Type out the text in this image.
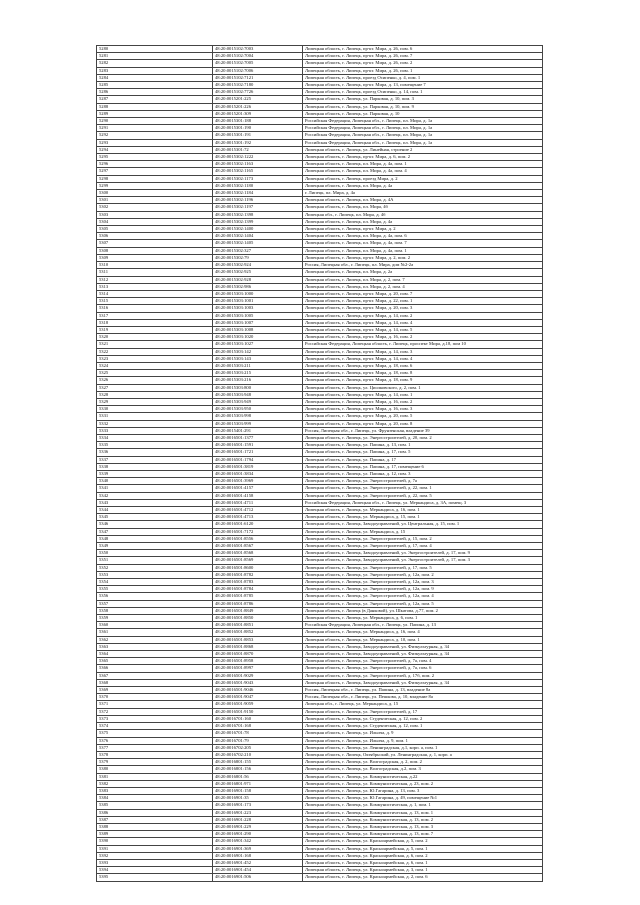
5280	48:20:0015102:7003	Липецкая область, г. Липецк, пр-кт. Мира, д. 26, пом. 6
5281	48:20:0015102:7004	Липецкая область, г. Липецк, пр-кт. Мира, д. 26, пом. 7
5282	48:20:0015102:7005	Липецкая область, г. Липецк, пр-кт. Мира, д. 26, пом. 2
5283	48:20:0015102:7006	Липецкая область, г. Липецк, пр-кт. Мира, д. 26, пом. 1
5284	48:20:0015102:7121	Липецкая область, г. Липецк, проезд Осипенко, д. 4, пом. 1
5285	48:20:0015102:7180	Липецкая область, г. Липецк, пр-кт. Мира, д. 13, помещение 7
5286	48:20:0015102:7726	Липецкая область, г. Липецк, проезд Осипенко, д. 14, пом. 1
5287	48:20:0015201:225	Липецкая область, г. Липецк, ул. Парковая, д. 10, пом. 3
5288	48:20:0015201:226	Липецкая область, г. Липецк, ул. Парковая, д. 10, пом. 9
5289	48:20:0015201:309	Липецкая область, г. Липецк, ул. Парковая, д. 10
5290	48:20:0015301:188	Российская Федерация, Липецкая обл., г. Липецк, пл. Мира, д. 1а
5291	48:20:0015301:190	Российская Федерация, Липецкая обл., г. Липецк, пл. Мира, д. 1а
5292	48:20:0015301:191	Российская Федерация, Липецкая обл., г. Липецк, пл. Мира, д. 1а
5293	48:20:0015301:192	Российская Федерация, Липецкая обл., г. Липецк, пл. Мира, д. 1а
5294	48:20:0015301:72	Липецкая область, г. Липецк, ул. Линейная, строение 2
5295	48:20:0015302:1222	Липецкая область, г. Липецк, пр-кт. Мира, д. 6, пом. 2
5296	48:20:0015302:1163	Липецкая область, г. Липецк, пл. Мира, д. 4а, пом. 1
5297	48:20:0015302:1165	Липецкая область, г. Липецк, пл. Мира, д. 4а, пом. 4
5298	48:20:0015302:1173	Липецкая область, г. Липецк, проезд Мира, д. 2
5299	48:20:0015302:1180	Липецкая область, г. Липецк, пл. Мира, д. 4а
5300	48:20:0015302:1184	г. Липецк, пл. Мира, д. 4а
5301	48:20:0015302:1196	Липецкая область, г. Липецк, пл. Мира, д. 4А
5302	48:20:0015302:1197	Липецкая область, г. Липецк, пл. Мира, 4б
5303	48:20:0015302:1398	Липецкая обл., г. Липецк, пл. Мира, д. 4б
5304	48:20:0015302:1399	Липецкая область, г. Липецк, пл. Мира, д. 4а
5305	48:20:0015302:1400	Липецкая область, г. Липецк, пр-кт. Мира, д. 2
5306	48:20:0015302:1404	Липецкая область, г. Липецк, пл. Мира, д. 4а, пом. 6
5307	48:20:0015302:1405	Липецкая область, г. Липецк, пл. Мира, д. 4а, пом. 7
5308	48:20:0015302:327	Липецкая область, г. Липецк, пл. Мира, д. 4а, пом. 1
5309	48:20:0015302:79	Липецкая область, г. Липецк, пр-кт. Мира, д. 2, пом. 2
5310	48:20:0015302:924	Россия, Липецкая обл., г. Липецк, пл. Мира, дом №2-2а
5311	48:20:0015302:925	Липецкая область, г. Липецк, пл. Мира, д. 2а
5312	48:20:0015302:928	Липецкая область, г. Липецк, пл. Мира, д. 2, пом. 7
5313	48:20:0015302:986	Липецкая область, г. Липецк, пл. Мира, д. 2, пом. 4
5314	48:20:0015303:1000	Липецкая область, г. Липецк, пр-кт. Мира, д. 20, пом. 7
5315	48:20:0015303:1001	Липецкая область, г. Липецк, пр-кт. Мира, д. 22, пом. 1
5316	48:20:0015303:1003	Липецкая область, г. Липецк, пр-кт. Мира, д. 20, пом. 3
5317	48:20:0015303:1005	Липецкая область, г. Липецк, пр-кт. Мира, д. 14, пом. 2
5318	48:20:0015303:1007	Липецкая область, г. Липецк, пр-кт. Мира, д. 14, пом. 4
5319	48:20:0015303:1008	Липецкая область, г. Липецк, пр-кт. Мира, д. 14, пом. 5
5320	48:20:0015303:1020	Липецкая область, г. Липецк, пр-кт. Мира, д. 16, пом. 2
5321	48:20:0015303:1027	Российская Федерация, Липецкая область, г. Липецк, проспект Мира, д.18, пом 10
5322	48:20:0015303:142	Липецкая область, г. Липецк, пр-кт. Мира, д. 14, пом. 3
5323	48:20:0015303:143	Липецкая область, г. Липецк, пр-кт. Мира, д. 14, пом. 4
5324	48:20:0015303:211	Липецкая область, г. Липецк, пр-кт. Мира, д. 18, пом. 6
5325	48:20:0015303:215	Липецкая область, г. Липецк, пр-кт. Мира, д. 18, пом. 8
5326	48:20:0015303:216	Липецкая область, г. Липецк, пр-кт. Мира, д. 18, пом. 9
5327	48:20:0015303:800	Липецкая область, г. Липецк, ул. Циолковского, д. 2, пом. 1
5328	48:20:0015303:948	Липецкая область, г. Липецк, пр-кт. Мира, д. 14, пом. 1
5329	48:20:0015303:949	Липецкая область, г. Липецк, пр-кт. Мира, д. 16, пом. 2
5330	48:20:0015303:950	Липецкая область, г. Липецк, пр-кт. Мира, д. 16, пом. 3
5331	48:20:0015303:998	Липецкая область, г. Липецк, пр-кт. Мира, д. 20, пом. 5
5332	48:20:0015303:999	Липецкая область, г. Липецк, пр-кт. Мира, д. 20, пом. 8
5333	48:20:0015401:291	Россия, Липецкая обл., г. Липецк, ул. Фрунзенская, владение 39
5334	48:20:0016501:1377	Липецкая область, г. Липецк, ул. Энергостроителей, д. 20, пом. 2
5335	48:20:0016501:1591	Липецкая область, г. Липецк, ул. Папина, д. 13, пом. 1
5336	48:20:0016501:1721	Липецкая область, г. Липецк, ул. Папина, д. 17, пом. 5
5337	48:20:0016501:1794	Липецкая область, г. Липецк, ул. Папина, д. 17
5338	48:20:0016501:3819	Липецкая область, г. Липецк, ул. Папина, д. 17, помещение 6
5339	48:20:0016501:3834	Липецкая область, г. Липецк, ул. Папина, д. 12, пом. 3
5340	48:20:0016501:3969	Липецкая область, г. Липецк, ул. Энергостроителей, д. 7а
5341	48:20:0016501:4157	Липецкая область, г. Липецк, ул. Энергостроителей, д. 22, пом. 1
5342	48:20:0016501:4158	Липецкая область, г. Липецк, ул. Энергостроителей, д. 22, пом. 5
5343	48:20:0016501:4711	Российская Федерация, Липецкая обл., г. Липецк, ул. Меркандиса, д. 3А, помещ. 3
5344	48:20:0016501:4712	Липецкая область, г. Липецк, ул. Меркандиса, д. 16, пом. 1
5345	48:20:0016501:4713	Липецкая область, г. Липецк, ул. Меркандиса, д. 15, пом. 1
5346	48:20:0016501:6120	Липецкая область, г. Липецк, Заводоуправлений, ул. Центральная, д. 15, пом. 1
5347	48:20:0016501:7172	Липецкая область, г. Липецк, ул. Меркандиса, д. 15
5348	48:20:0016501:8556	Липецкая область, г. Липецк, ул. Энергостроителей, д. 15, пом. 2
5349	48:20:0016501:8567	Липецкая область, г. Липецк, ул. Энергостроителей, д. 17, пом. 4
5350	48:20:0016501:8568	Липецкая область, г. Липецк, Заводоуправлений, ул. Энергостроителей, д. 17, пом. 9
5351	48:20:0016501:8569	Липецкая область, г. Липецк, Заводоуправлений, ул. Энергостроителей, д. 17, пом. 3
5352	48:20:0016501:8600	Липецкая область, г. Липецк, ул. Энергостроителей, д. 17, пом. 5
5353	48:20:0016501:8782	Липецкая область, г. Липецк, ул. Энергостроителей, д. 12а, пом. 2
5354	48:20:0016501:8783	Липецкая область, г. Липецк, ул. Энергостроителей, д. 12а, пом. 3
5355	48:20:0016501:8784	Липецкая область, г. Липецк, ул. Энергостроителей, д. 12а, пом. 9
5356	48:20:0016501:8785	Липецкая область, г. Липецк, ул. Энергостроителей, д. 12а, пом. 4
5357	48:20:0016501:8786	Липецкая область, г. Липецк, ул. Энергостроителей, д. 12а, пом. 5
5358	48:20:0016501:8849	Липецкая область, г. Липецк (в Данковой), ул. Шкатова, д.77, пом. 2
5359	48:20:0016501:8850	Липецкая область, г. Липецк, ул. Меркандиса, д. 6, пом. 1
5360	48:20:0016501:8851	Российская Федерация, Липецкая обл., г. Липецк, ул. Папина, д. 13
5361	48:20:0016501:8852	Липецкая область, г. Липецк, ул. Меркандиса, д. 16, пом. 4
5362	48:20:0016501:8853	Липецкая область, г. Липецк, ул. Меркандиса, д. 10, пом. 1
5363	48:20:0016501:8868	Липецкая область, г. Липецк, Заводоуправлений, ул. Физкультурная, д. 34
5364	48:20:0016501:8870	Липецкая область, г. Липецк, Заводоуправлений, ул. Физкультурная, д. 34
5365	48:20:0016501:8958	Липецкая область, г. Липецк, ул. Энергостроителей, д. 7а, пом. 4
5366	48:20:0016501:8997	Липецкая область, г. Липецк, ул. Энергостроителей, д. 7а, пом. 6
5367	48:20:0016501:9029	Липецкая область, г. Липецк, ул. Энергостроителей, д. 17б, пом. 2
5368	48:20:0016501:9043	Липецкая область, г. Липецк, Заводоуправлений, ул. Физкультурная, д. 34
5369	48:20:0016501:9046	Россия, Липецкая обл., г. Липецк, ул. Папина, д. 13, владение 8а
5370	48:20:0016501:9047	Россия, Липецкая обл., г. Липецк, ул. Пешкова, д. 10, владение 8а
5371	48:20:0016501:9059	Липецкая обл., г. Липецк, ул. Меркандиса, д. 15
5372	48:20:0016501:9150	Липецкая область, г. Липецк, ул. Энергостроителей, д. 17
5373	48:20:0016701:160	Липецкая область, г. Липецк, ул. Студенческая, д. 12, пом. 2
5374	48:20:0016701:168	Липецкая область, г. Липецк, ул. Студенческая, д. 12, пом. 1
5375	48:20:0016701:78	Липецкая область, г. Липецк, ул. Ильича, д. 9
5376	48:20:0016701:79	Липецкая область, г. Липецк, ул. Ильича, д. 9, пом. 1
5377	48:20:0016702:205	Липецкая область, г. Липецк, ул. Ленинградская, д.1, корп. а, пом. 1
5378	48:20:0016702:210	Липецкая область, г. Липецк, Октябрьский, ул. Ленинградская, д. 1, корп. а
5379	48:20:0016801:155	Липецкая область, г. Липецк, ул. Волгоградская, д. 2, пом. 2
5380	48:20:0016801:156	Липецкая область, г. Липецк, ул. Волгоградская, д.2, пом. 3
5381	48:20:0016801:56	Липецкая область, г. Липецк, ул. Коммунистическая, д.22
5382	48:20:0016801:971	Липецкая область, г. Липецк, ул. Коммунистическая, д. 23, пом. 2
5383	48:20:0016901:158	Липецкая область, г. Липецк, ул. Ю.Гагарина, д. 13, пом. 3
5384	48:20:0016901:35	Липецкая область, г. Липецк, ул. Ю.Гагарина, д. 49, помещение №1
5385	48:20:0016901:173	Липецкая область, г. Липецк, ул. Коммунистическая, д. 1, пом. 1
5386	48:20:0016901:223	Липецкая область, г. Липецк, ул. Коммунистическая, д. 13, пом. 1
5387	48:20:0016901:228	Липецкая область, г. Липецк, ул. Коммунистическая, д. 13, пом. 2
5388	48:20:0016901:229	Липецкая область, г. Липецк, ул. Коммунистическая, д. 13, пом. 3
5389	48:20:0016901:290	Липецкая область, г. Липецк, ул. Коммунистическая, д. 13, пом. 7
5390	48:20:0016901:342	Липецкая область, г. Липецк, ул. Красноармейская, д. 5, пом. 2
5391	48:20:0016901:369	Липецкая область, г. Липецк, ул. Красноармейская, д. 5, пом. 1
5392	48:20:0016901:168	Липецкая область, г. Липецк, ул. Красноармейская, д. 6, пом. 2
5393	48:20:0016901:452	Липецкая область, г. Липецк, ул. Красноармейская, д. 6, пом. 1
5394	48:20:0016901:454	Липецкая область, г. Липецк, ул. Красноармейская, д. 3, пом. 1
5395	48:20:0016901:506	Липецкая область, г. Липецк, ул. Красноармейская, д. 2, пом. 6
